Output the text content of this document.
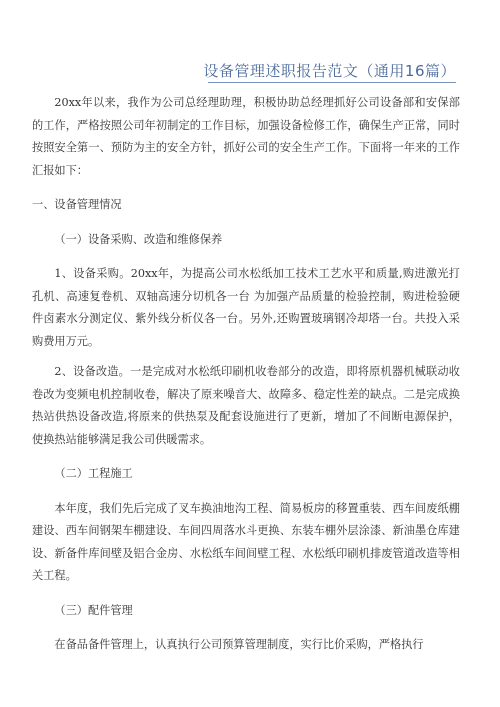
设备管理述职报告范文（通用16篇）

20xx年以来，我作为公司总经理助理，积极协助总经理抓好公司设备部和安保部的工作，严格按照公司年初制定的工作目标，加强设备检修工作，确保生产正常，同时按照安全第一、预防为主的安全方针，抓好公司的安全生产工作。下面将一年来的工作汇报如下：

一、设备管理情况

（一）设备采购、改造和维修保养

1、设备采购。20xx年，为提高公司水松纸加工技术工艺水平和质量,购进激光打孔机、高速复卷机、双轴高速分切机各一台 为加强产品质量的检验控制，购进检验硬件卤素水分测定仪、紫外线分析仪各一台。另外,还购置玻璃钢冷却塔一台。共投入采购费用万元。

2、设备改造。一是完成对水松纸印刷机收卷部分的改造，即将原机器机械联动收卷改为变频电机控制收卷，解决了原来噪音大、故障多、稳定性差的缺点。二是完成换热站供热设备改造,将原来的供热泵及配套设施进行了更新，增加了不间断电源保护，使换热站能够满足我公司供暖需求。

（二）工程施工

本年度，我们先后完成了叉车换油地沟工程、简易板房的移置重装、西车间废纸棚建设、西车间钢架车棚建设、车间四周落水斗更换、东装车棚外层涂漆、新油墨仓库建设、新备件库间壁及铝合金房、水松纸车间间壁工程、水松纸印刷机排废管道改造等相关工程。

（三）配件管理

在备品备件管理上，认真执行公司预算管理制度，实行比价采购，严格执行
